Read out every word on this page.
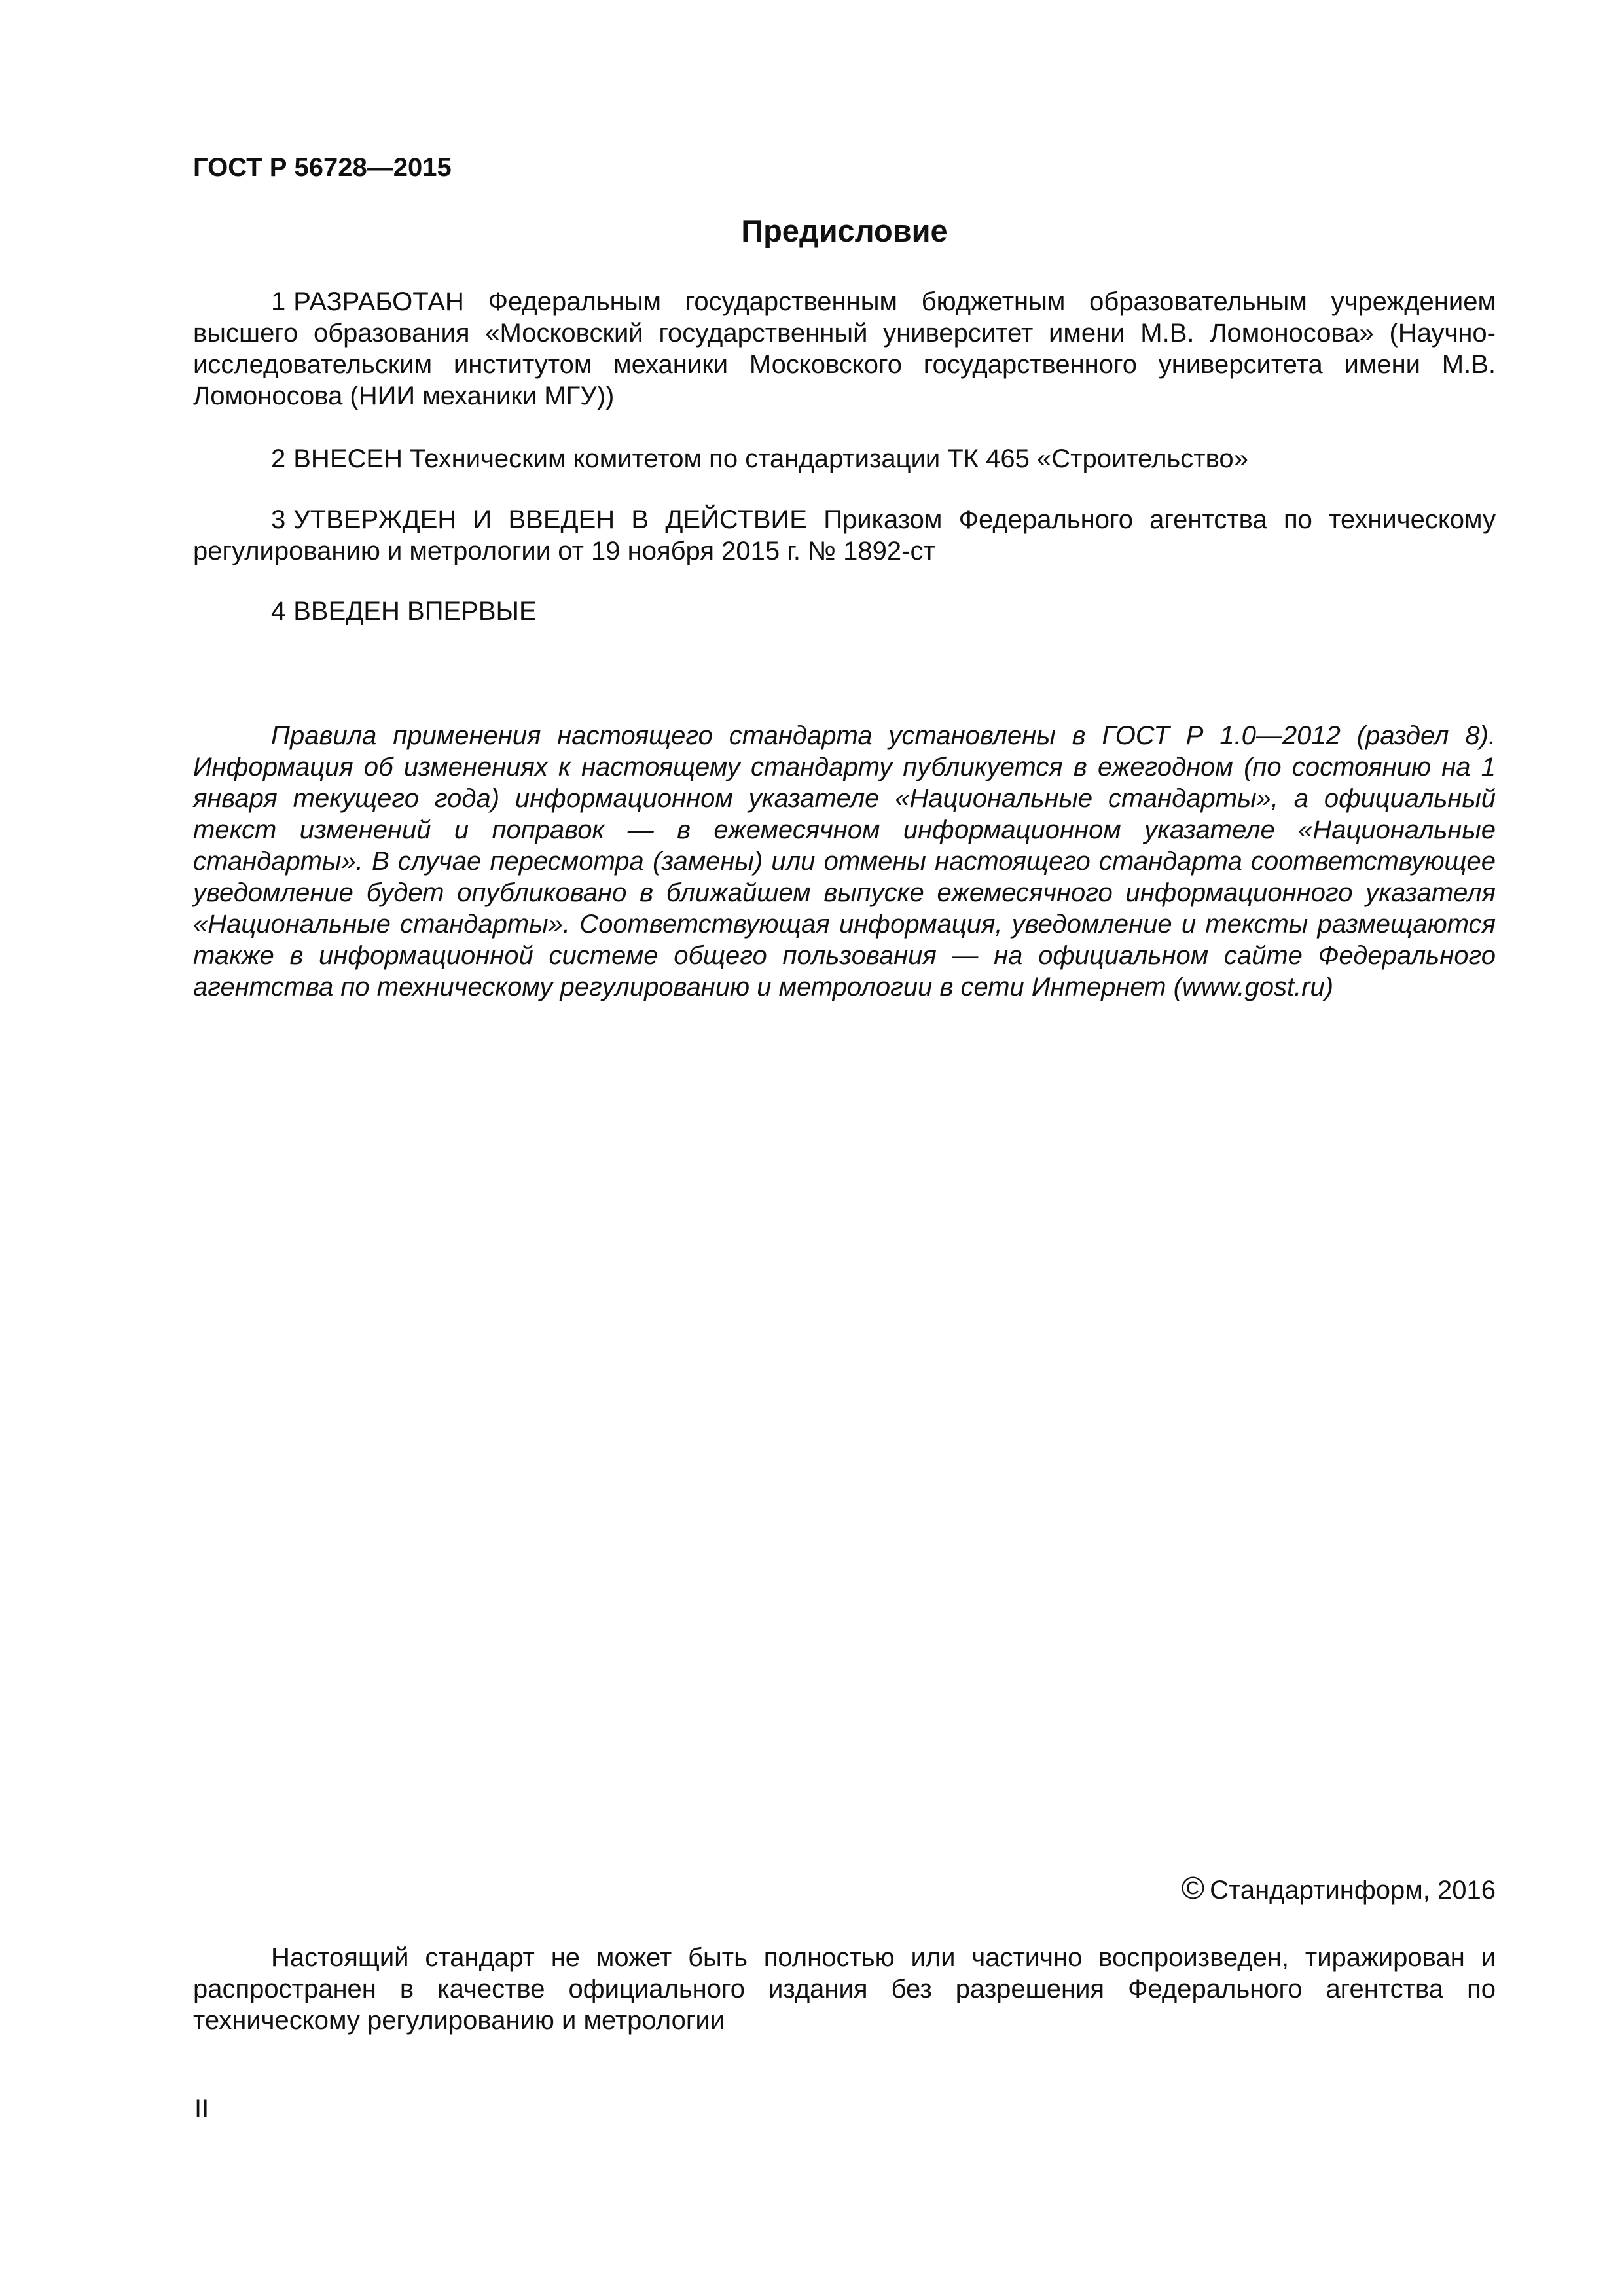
ГОСТ Р 56728—2015
Предисловие

1 РАЗРАБОТАН Федеральным государственным бюджетным образовательным учреждением высшего образования «Московский государственный университет имени М.В. Ломоносова» (Научно-исследовательским институтом механики Московского государственного университета имени М.В. Ломоносова (НИИ механики МГУ))

2 ВНЕСЕН Техническим комитетом по стандартизации ТК 465 «Строительство»

3 УТВЕРЖДЕН И ВВЕДЕН В ДЕЙСТВИЕ Приказом Федерального агентства по техническому регулированию и метрологии от 19 ноября 2015 г. № 1892-ст

4 ВВЕДЕН ВПЕРВЫЕ

Правила применения настоящего стандарта установлены в ГОСТ Р 1.0—2012 (раздел 8). Информация об изменениях к настоящему стандарту публикуется в ежегодном (по состоянию на 1 января текущего года) информационном указателе «Национальные стандарты», а официальный текст изменений и поправок — в ежемесячном информационном указателе «Национальные стандарты». В случае пересмотра (замены) или отмены настоящего стандарта соответствующее уведомление будет опубликовано в ближайшем выпуске ежемесячного информационного указателя «Национальные стандарты». Соответствующая информация, уведомление и тексты размещаются также в информационной системе общего пользования — на официальном сайте Федерального агентства по техническому регулированию и метрологии в сети Интернет (www.gost.ru)

© Стандартинформ, 2016

Настоящий стандарт не может быть полностью или частично воспроизведен, тиражирован и распространен в качестве официального издания без разрешения Федерального агентства по техническому регулированию и метрологии

II
